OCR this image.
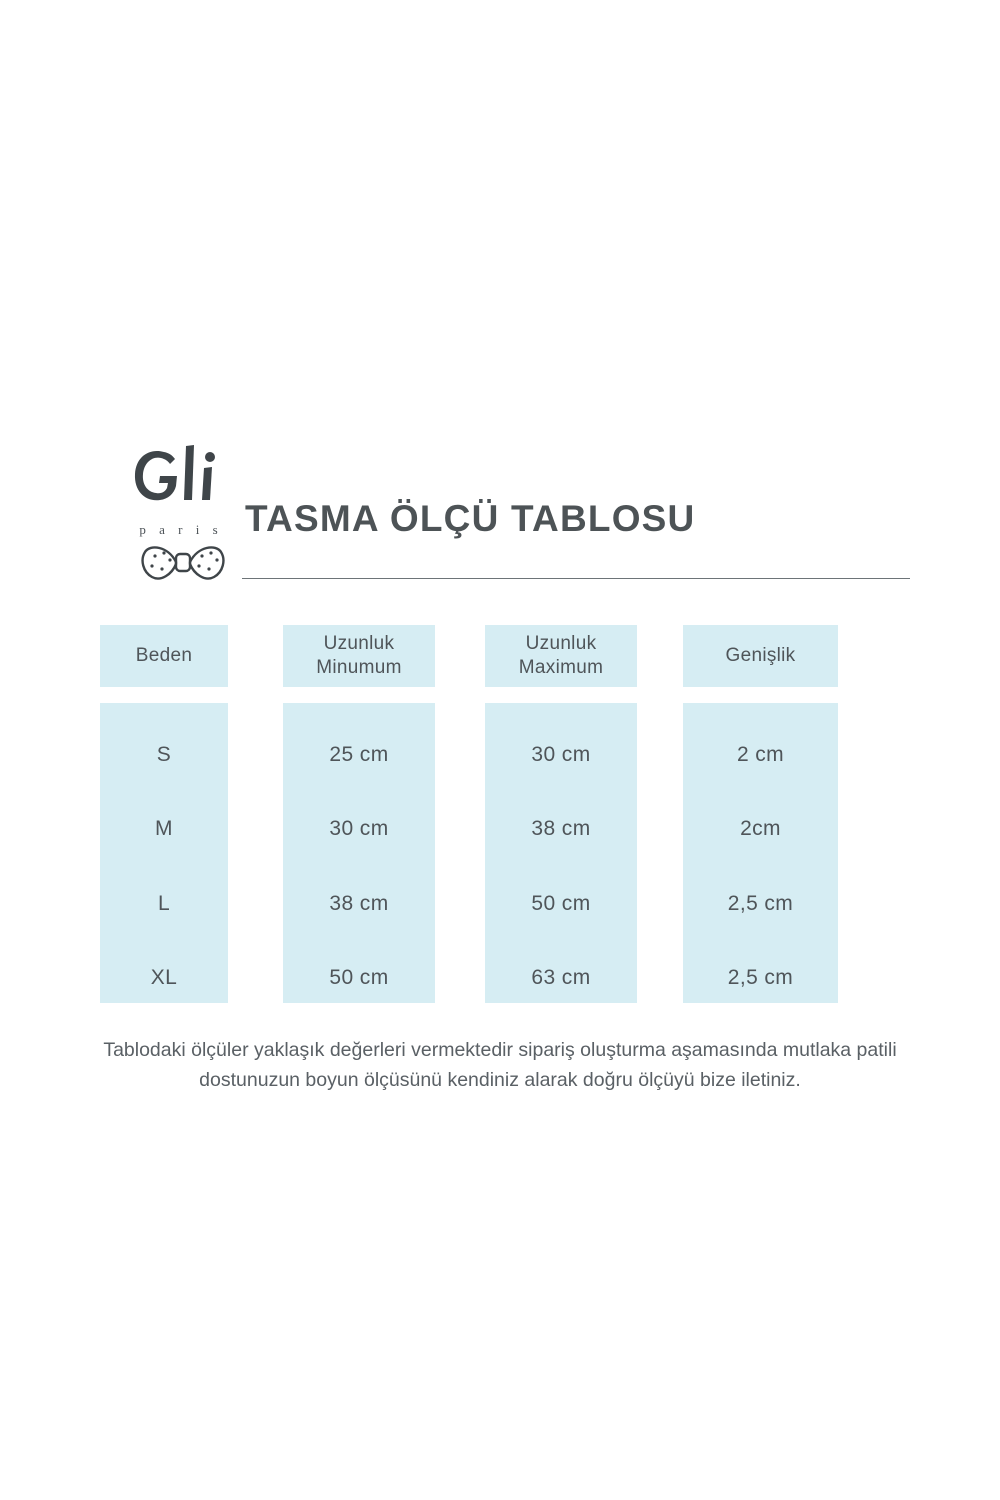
p a r i s TASMA ÖLÇÜ TABLOSU
Beden
Uzunluk
Minumum
Uzunluk
Maximum
Genişlik
S
M
L
XL
25 cm
30 cm
38 cm
50 cm
30 cm
38 cm
50 cm
63 cm
2 cm
2cm
2,5 cm
2,5 cm
Tablodaki ölçüler yaklaşık değerleri vermektedir sipariş oluşturma aşamasında mutlaka patili
dostunuzun boyun ölçüsünü kendiniz alarak doğru ölçüyü bize iletiniz.
